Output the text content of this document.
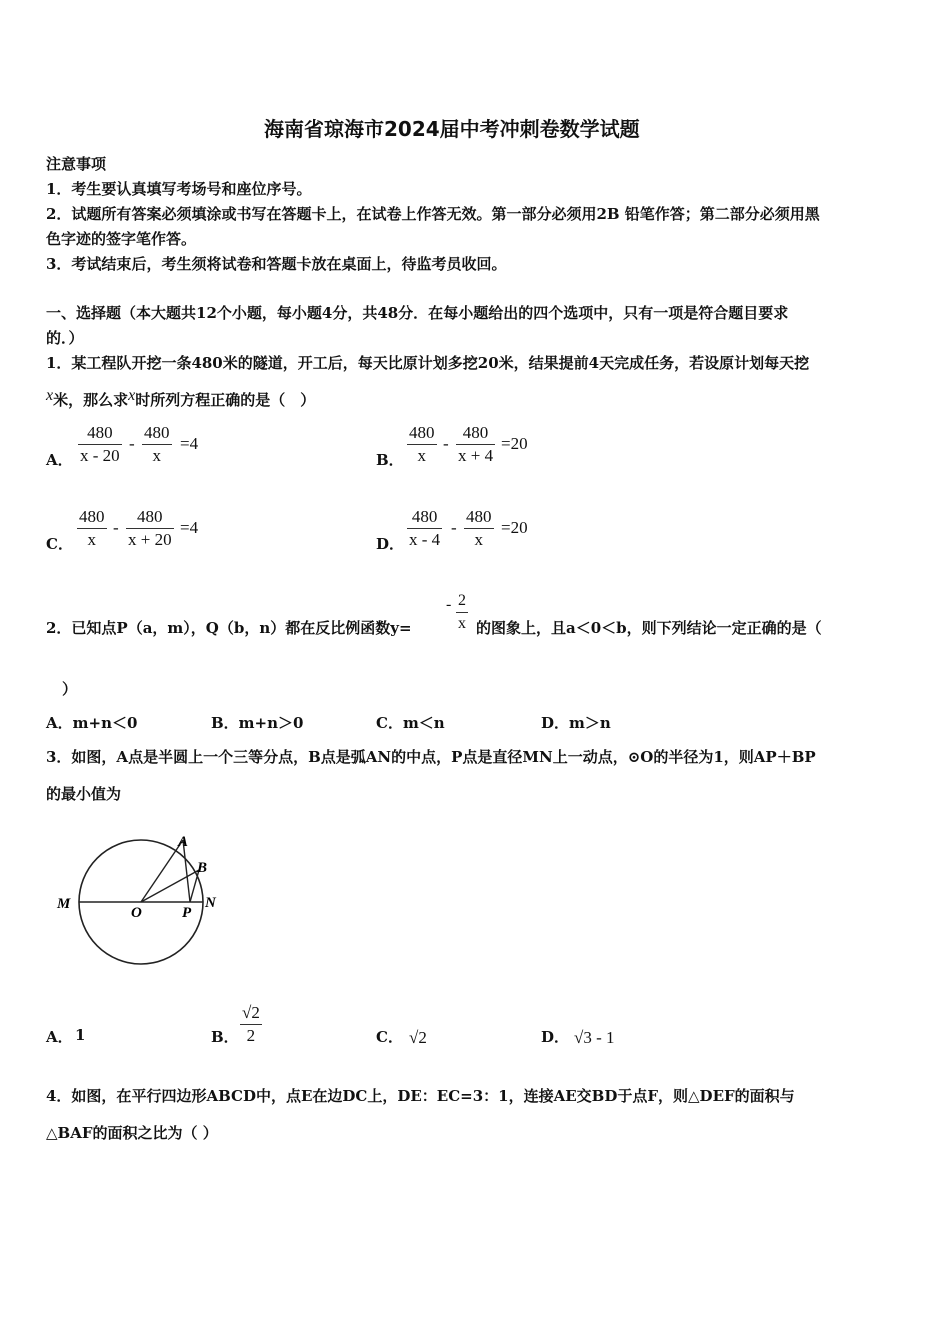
海南省琼海市2024届中考冲刺卷数学试题
注意事项
1．考生要认真填写考场号和座位序号。
2．试题所有答案必须填涂或书写在答题卡上，在试卷上作答无效。第一部分必须用2B 铅笔作答；第二部分必须用黑
色字迹的签字笔作答。
3．考试结束后，考生须将试卷和答题卡放在桌面上，待监考员收回。
一、选择题（本大题共12个小题，每小题4分，共48分．在每小题给出的四个选项中，只有一项是符合题目要求
的．）
1．某工程队开挖一条480米的隧道，开工后，每天比原计划多挖20米，结果提前4天完成任务，若设原计划每天挖
x米，那么求x时所列方程正确的是（　）
A． $\frac{480}{x - 20} - \frac{480}{x} =4$
B． $\frac{480}{x} - \frac{480}{x + 4} =20$
C． $\frac{480}{x} - \frac{480}{x + 20} =4$
D． $\frac{480}{x - 4} - \frac{480}{x} =20$
2．已知点P（a，m），Q（b，n）都在反比例函数y=
- $\frac{2}{x}$ 的图象上，且a＜0＜b，则下列结论一定正确的是（
）
A．m+n＜0	B．m+n＞0	C．m＜n	D．m＞n
3．如图，A点是半圆上一个三等分点，B点是弧AN的中点，P点是直径MN上一动点，⊙O的半径为1，则AP＋BP
的最小值为
M
O	P
N
A
B
A． 1	B． $\frac{√2}{2}$	C． √2	D． √3 - 1
4．如图，在平行四边形ABCD中，点E在边DC上，DE：EC=3：1，连接AE交BD于点F，则△DEF的面积与
△BAF的面积之比为（ ）
